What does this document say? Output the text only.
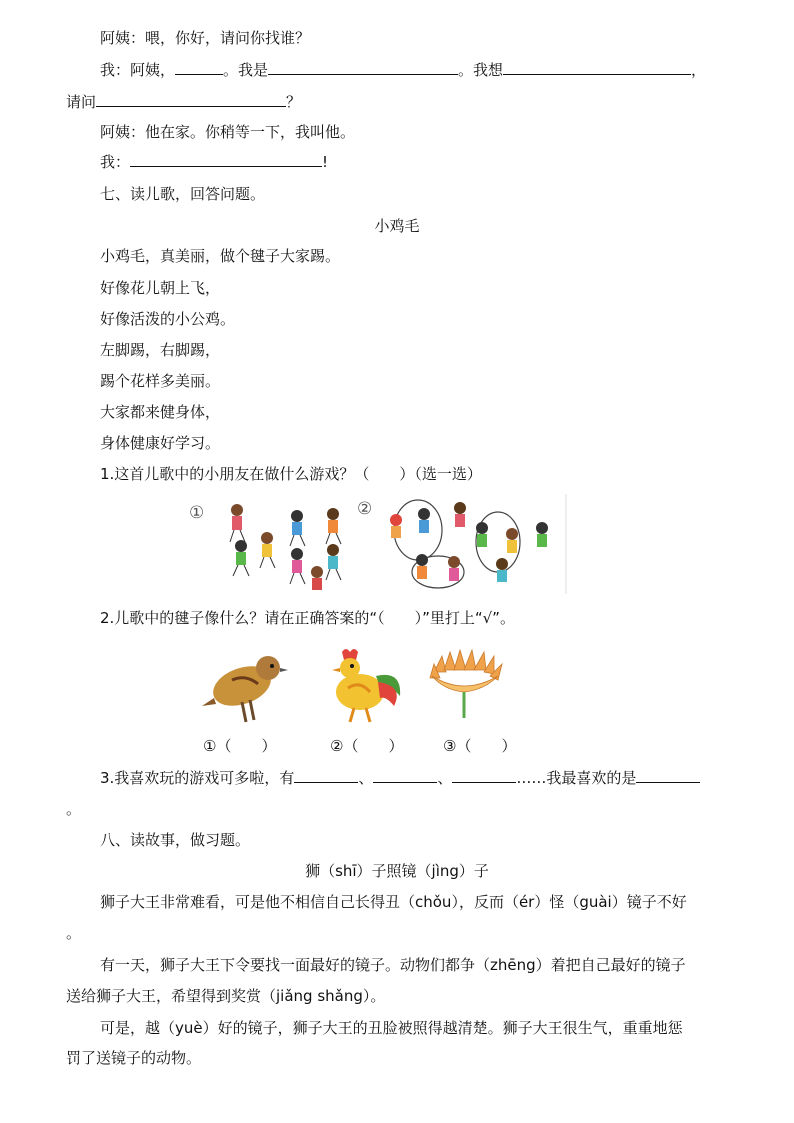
阿姨：喂，你好，请问你找谁？
我：阿姨，	。我是	。我想	，
请问	？
阿姨：他在家。你稍等一下，我叫他。
我：	!
七、读儿歌，回答问题。
小鸡毛
小鸡毛，真美丽，做个毽子大家踢。
好像花儿朝上飞，
好像活泼的小公鸡。
左脚踢，右脚踢，
踢个花样多美丽。
大家都来健身体，
身体健康好学习。
1.这首儿歌中的小朋友在做什么游戏？（　　）（选一选）
①	②
2.儿歌中的毽子像什么？请在正确答案的“（　　）”里打上“√”。
①（　　）	②（　　）	③（　　）
3.我喜欢玩的游戏可多啦，有	、	、	……我最喜欢的是
。
八、读故事，做习题。
狮（shī）子照镜（jìng）子
狮子大王非常难看，可是他不相信自己长得丑（chǒu），反而（ér）怪（guài）镜子不好
。
有一天，狮子大王下令要找一面最好的镜子。动物们都争（zhēng）着把自己最好的镜子
送给狮子大王，希望得到奖赏（jiǎng shǎng）。
可是，越（yuè）好的镜子，狮子大王的丑脸被照得越清楚。狮子大王很生气，重重地惩
罚了送镜子的动物。
